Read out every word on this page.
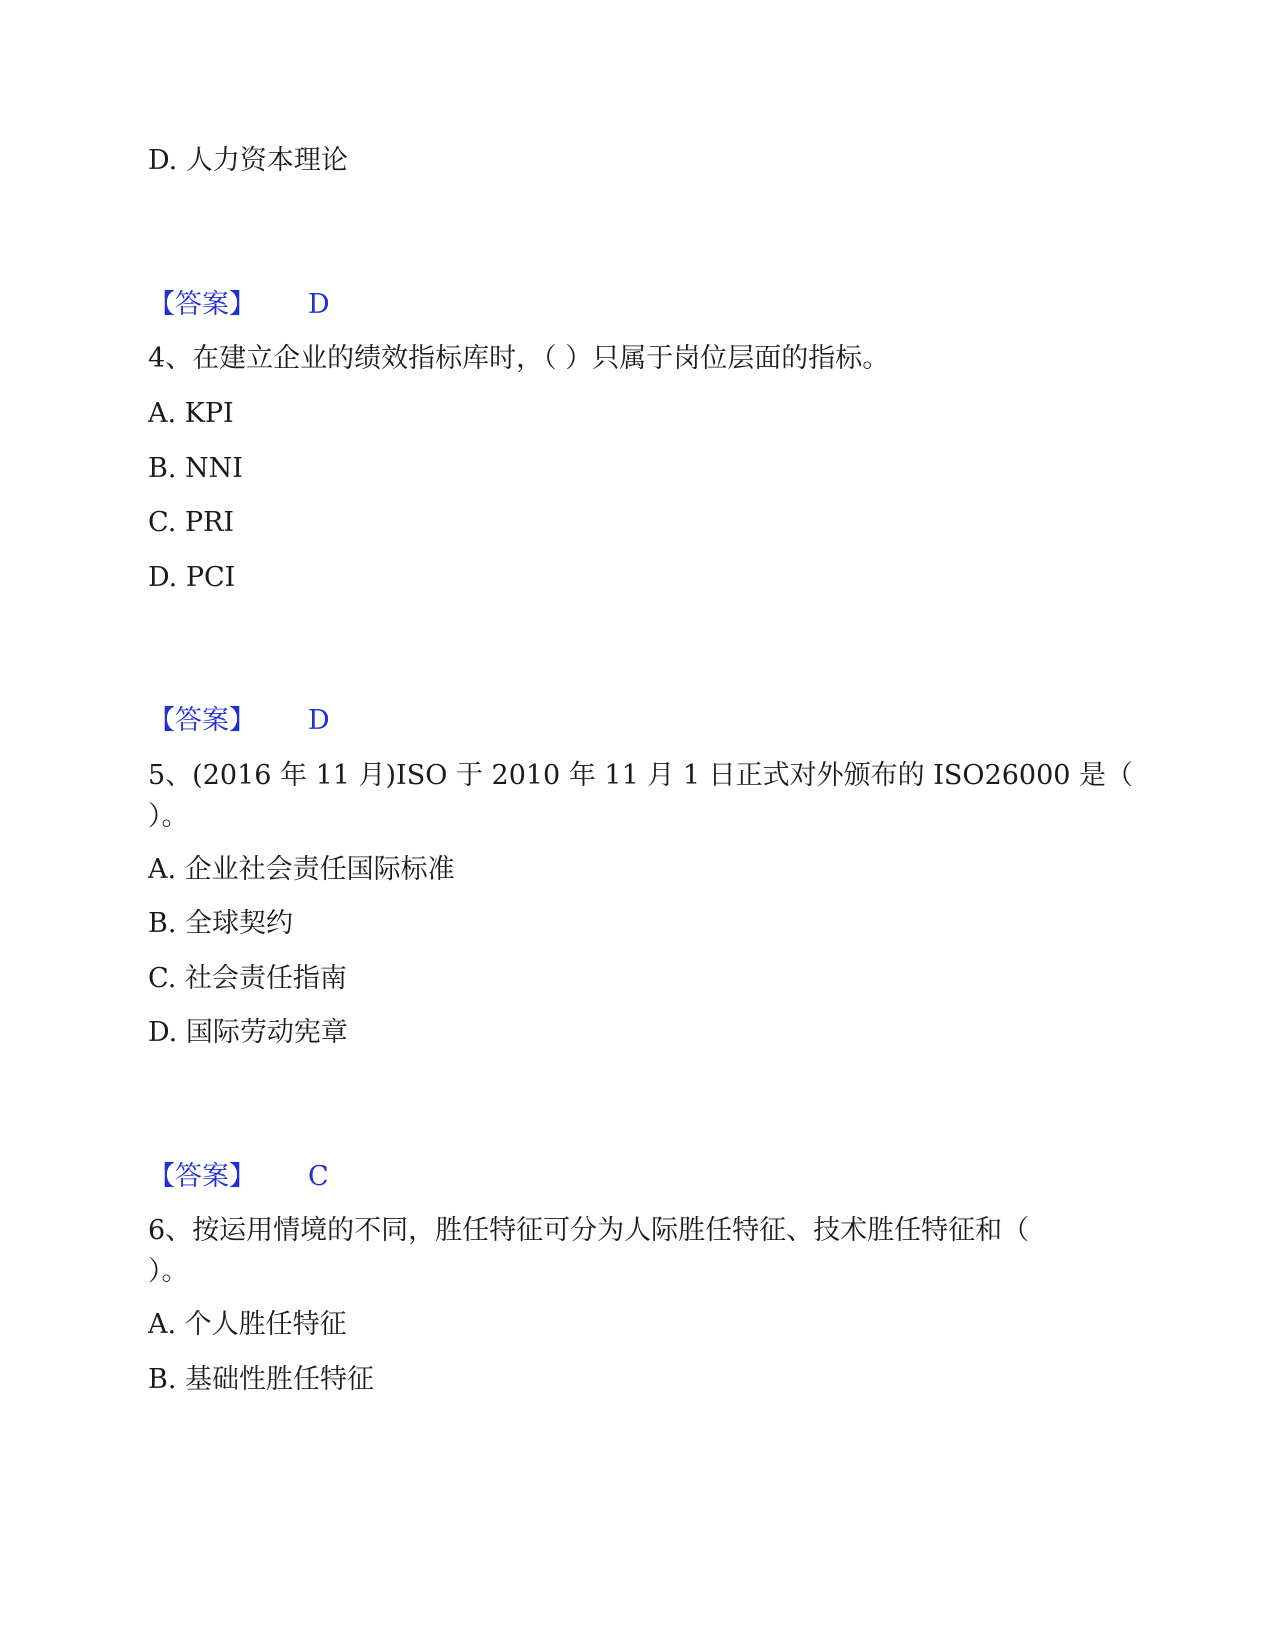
D. 人力资本理论
【答案】 D
4、在建立企业的绩效指标库时，（ ）只属于岗位层面的指标。
A. KPI
B. NNI
C. PRI
D. PCI
【答案】 D
5、(2016 年 11 月)ISO 于 2010 年 11 月 1 日正式对外颁布的 ISO26000 是（
）。
A. 企业社会责任国际标准
B. 全球契约
C. 社会责任指南
D. 国际劳动宪章
【答案】 C
6、按运用情境的不同，胜任特征可分为人际胜任特征、技术胜任特征和（
）。
A. 个人胜任特征
B. 基础性胜任特征
